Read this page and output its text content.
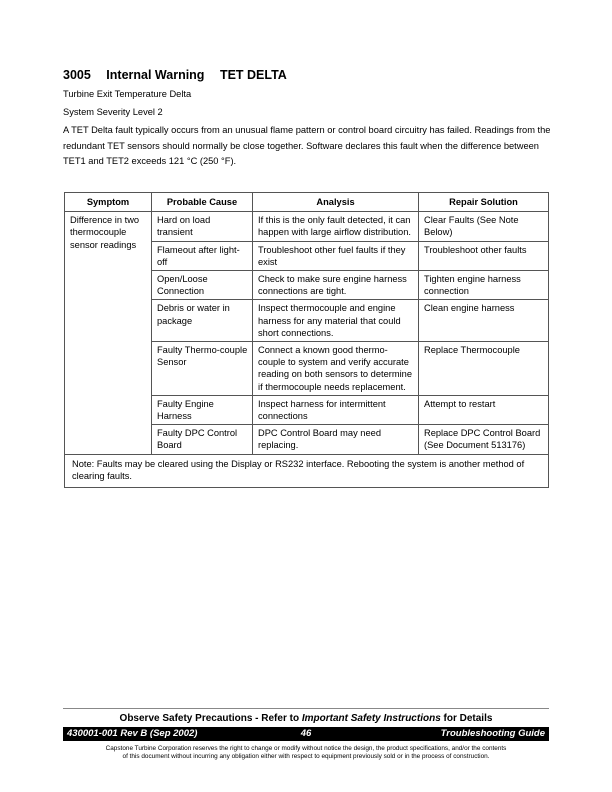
3005 Internal Warning TET DELTA
Turbine Exit Temperature Delta
System Severity Level 2
A TET Delta fault typically occurs from an unusual flame pattern or control board circuitry has failed. Readings from the redundant TET sensors should normally be close together. Software declares this fault when the difference between TET1 and TET2 exceeds 121 °C (250 °F).
Symptom	Probable Cause	Analysis	Repair Solution
Difference in two thermocouple sensor readings	Hard on load transient	If this is the only fault detected, it can happen with large airflow distribution.	Clear Faults (See Note Below)
	Flameout after light-off	Troubleshoot other fuel faults if they exist	Troubleshoot other faults
	Open/Loose Connection	Check to make sure engine harness connections are tight.	Tighten engine harness connection
	Debris or water in package	Inspect thermocouple and engine harness for any material that could short connections.	Clean engine harness
	Faulty Thermo-couple Sensor	Connect a known good thermo-couple to system and verify accurate reading on both sensors to determine if thermocouple needs replacement.	Replace Thermocouple
	Faulty Engine Harness	Inspect harness for intermittent connections	Attempt to restart
	Faulty DPC Control Board	DPC Control Board may need replacing.	Replace DPC Control Board (See Document 513176)
Note: Faults may be cleared using the Display or RS232 interface. Rebooting the system is another method of clearing faults.			
Observe Safety Precautions - Refer to Important Safety Instructions for Details
430001-001 Rev B (Sep 2002)	46	Troubleshooting Guide
Capstone Turbine Corporation reserves the right to change or modify without notice the design, the product specifications, and/or the contents
of this document without incurring any obligation either with respect to equipment previously sold or in the process of construction.
